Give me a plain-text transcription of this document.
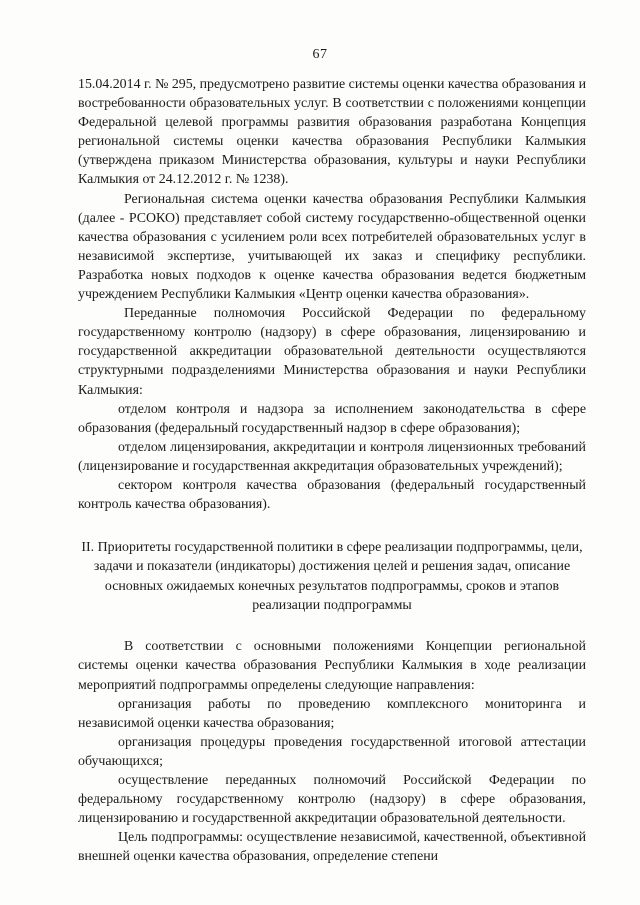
67

15.04.2014 г. № 295, предусмотрено развитие системы оценки качества образования и востребованности образовательных услуг. В соответствии с положениями концепции Федеральной целевой программы развития образования разработана Концепция региональной системы оценки качества образования Республики Калмыкия (утверждена приказом Министерства образования, культуры и науки Республики Калмыкия от 24.12.2012 г. № 1238).

Региональная система оценки качества образования Республики Калмыкия (далее - РСОКО) представляет собой систему государственно-общественной оценки качества образования с усилением роли всех потребителей образовательных услуг в независимой экспертизе, учитывающей их заказ и специфику республики. Разработка новых подходов к оценке качества образования ведется бюджетным учреждением Республики Калмыкия «Центр оценки качества образования».

Переданные полномочия Российской Федерации по федеральному государственному контролю (надзору) в сфере образования, лицензированию и государственной аккредитации образовательной деятельности осуществляются структурными подразделениями Министерства образования и науки Республики Калмыкия:

отделом контроля и надзора за исполнением законодательства в сфере образования (федеральный государственный надзор в сфере образования);

отделом лицензирования, аккредитации и контроля лицензионных требований (лицензирование и государственная аккредитация образовательных учреждений);

сектором контроля качества образования (федеральный государственный контроль качества образования).

II. Приоритеты государственной политики в сфере реализации подпрограммы, цели, задачи и показатели (индикаторы) достижения целей и решения задач, описание основных ожидаемых конечных результатов подпрограммы, сроков и этапов реализации подпрограммы

В соответствии с основными положениями Концепции региональной системы оценки качества образования Республики Калмыкия в ходе реализации мероприятий подпрограммы определены следующие направления:

организация работы по проведению комплексного мониторинга и независимой оценки качества образования;

организация процедуры проведения государственной итоговой аттестации обучающихся;

осуществление переданных полномочий Российской Федерации по федеральному государственному контролю (надзору) в сфере образования, лицензированию и государственной аккредитации образовательной деятельности.

Цель подпрограммы: осуществление независимой, качественной, объективной внешней оценки качества образования, определение степени
